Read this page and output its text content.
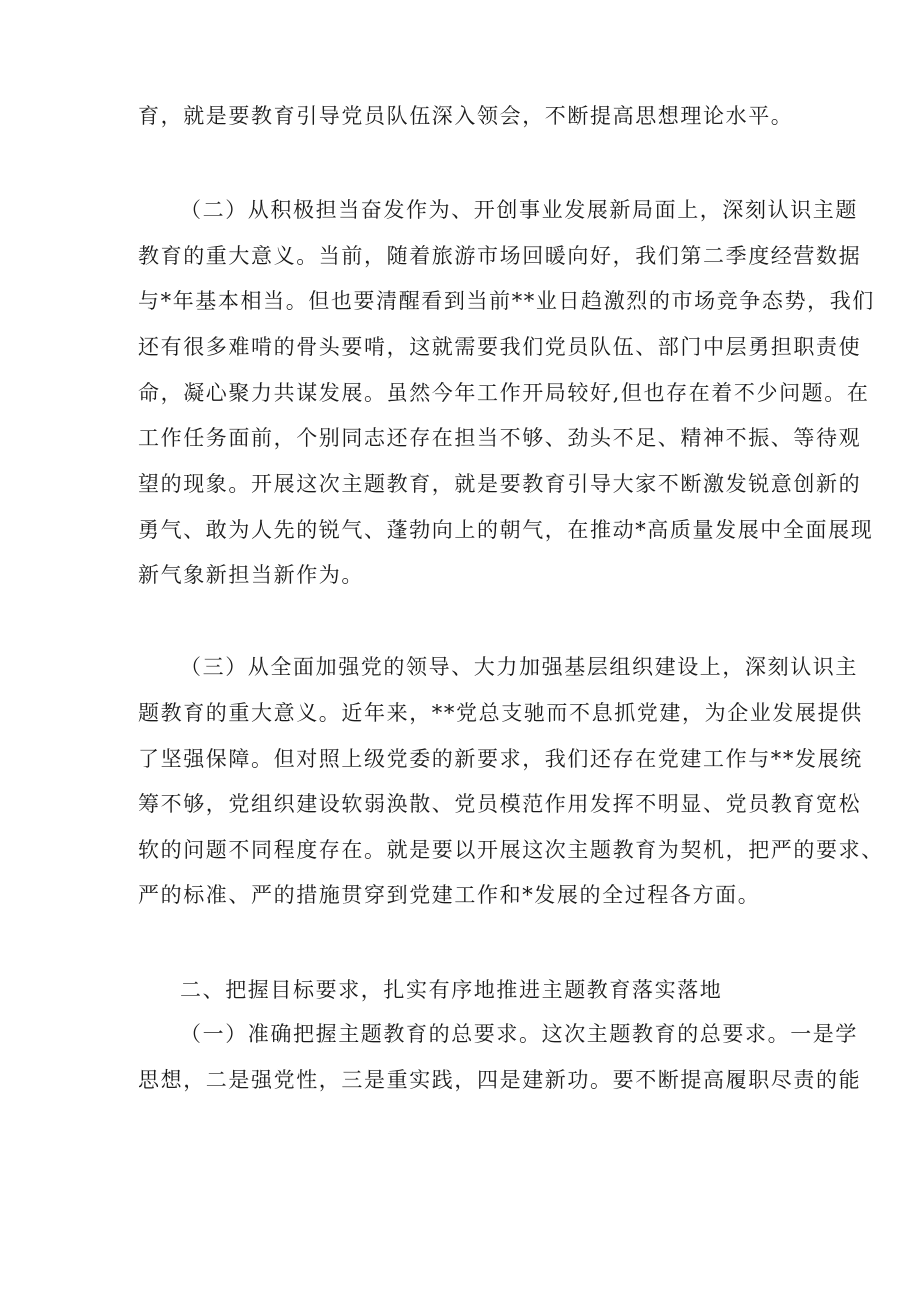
育，就是要教育引导党员队伍深入领会，不断提高思想理论水平。
（二）从积极担当奋发作为、开创事业发展新局面上，深刻认识主题
教育的重大意义。当前，随着旅游市场回暖向好，我们第二季度经营数据
与*年基本相当。但也要清醒看到当前**业日趋激烈的市场竞争态势，我们
还有很多难啃的骨头要啃，这就需要我们党员队伍、部门中层勇担职责使
命，凝心聚力共谋发展。虽然今年工作开局较好,但也存在着不少问题。在
工作任务面前，个别同志还存在担当不够、劲头不足、精神不振、等待观
望的现象。开展这次主题教育，就是要教育引导大家不断激发锐意创新的
勇气、敢为人先的锐气、蓬勃向上的朝气，在推动*高质量发展中全面展现
新气象新担当新作为。
（三）从全面加强党的领导、大力加强基层组织建设上，深刻认识主
题教育的重大意义。近年来，**党总支驰而不息抓党建，为企业发展提供
了坚强保障。但对照上级党委的新要求，我们还存在党建工作与**发展统
筹不够，党组织建设软弱涣散、党员模范作用发挥不明显、党员教育宽松
软的问题不同程度存在。就是要以开展这次主题教育为契机，把严的要求、
严的标准、严的措施贯穿到党建工作和*发展的全过程各方面。
二、把握目标要求，扎实有序地推进主题教育落实落地
（一）准确把握主题教育的总要求。这次主题教育的总要求。一是学
思想，二是强党性，三是重实践，四是建新功。要不断提高履职尽责的能
